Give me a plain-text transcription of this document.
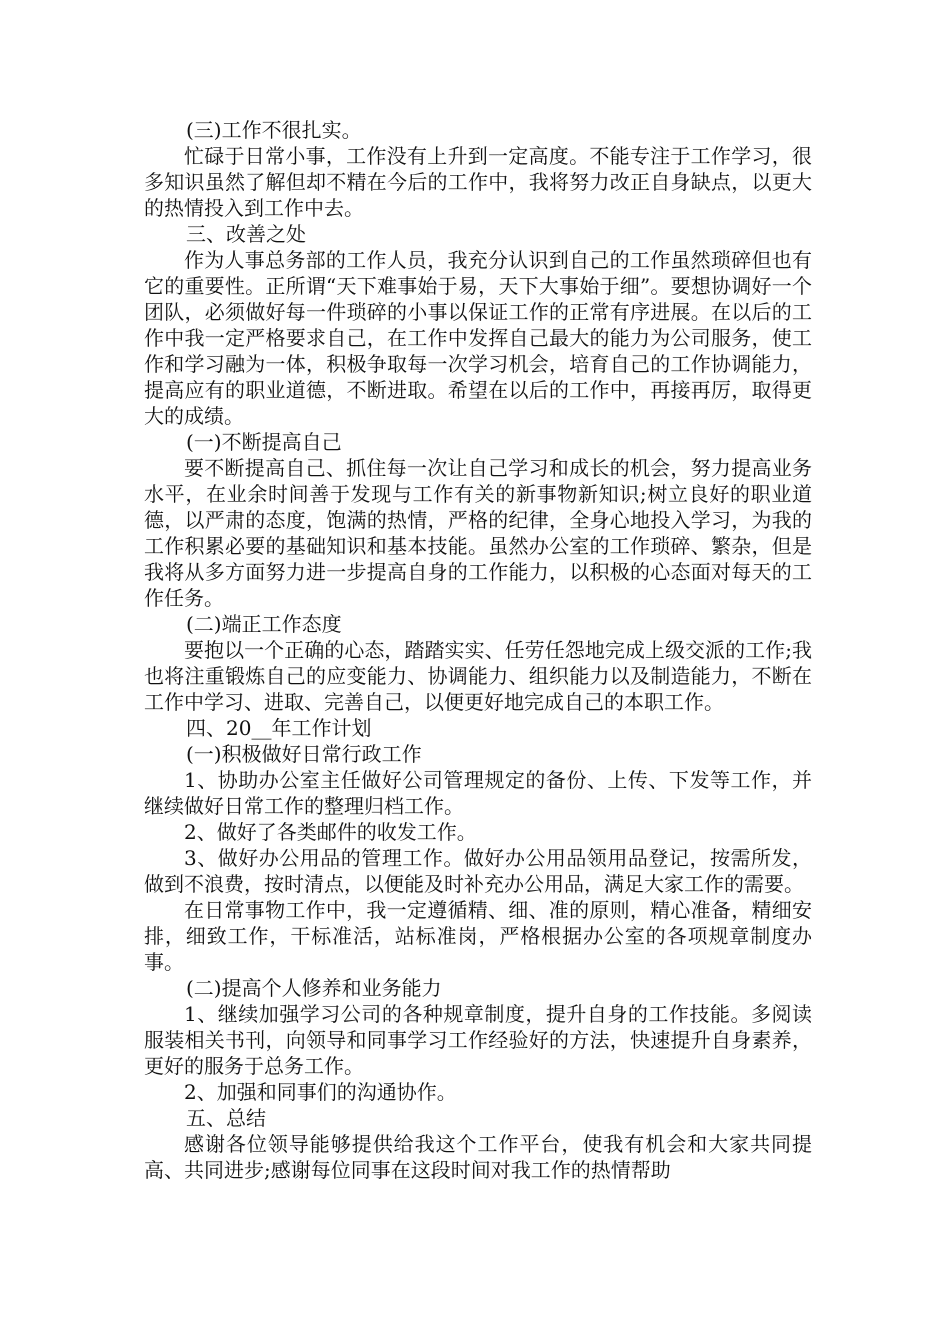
(三)工作不很扎实。

忙碌于日常小事，工作没有上升到一定高度。不能专注于工作学习，很多知识虽然了解但却不精在今后的工作中，我将努力改正自身缺点，以更大的热情投入到工作中去。

三、改善之处

作为人事总务部的工作人员，我充分认识到自己的工作虽然琐碎但也有它的重要性。正所谓“天下难事始于易，天下大事始于细”。要想协调好一个团队，必须做好每一件琐碎的小事以保证工作的正常有序进展。在以后的工作中我一定严格要求自己，在工作中发挥自己最大的能力为公司服务，使工作和学习融为一体，积极争取每一次学习机会，培育自己的工作协调能力，提高应有的职业道德，不断进取。希望在以后的工作中，再接再厉，取得更大的成绩。

(一)不断提高自己

要不断提高自己、抓住每一次让自己学习和成长的机会，努力提高业务水平，在业余时间善于发现与工作有关的新事物新知识;树立良好的职业道德，以严肃的态度，饱满的热情，严格的纪律，全身心地投入学习，为我的工作积累必要的基础知识和基本技能。虽然办公室的工作琐碎、繁杂，但是我将从多方面努力进一步提高自身的工作能力，以积极的心态面对每天的工作任务。

(二)端正工作态度

要抱以一个正确的心态，踏踏实实、任劳任怨地完成上级交派的工作;我也将注重锻炼自己的应变能力、协调能力、组织能力以及制造能力，不断在工作中学习、进取、完善自己，以便更好地完成自己的本职工作。

四、20__年工作计划

(一)积极做好日常行政工作

1、协助办公室主任做好公司管理规定的备份、上传、下发等工作，并继续做好日常工作的整理归档工作。

2、做好了各类邮件的收发工作。

3、做好办公用品的管理工作。做好办公用品领用品登记，按需所发，做到不浪费，按时清点，以便能及时补充办公用品，满足大家工作的需要。

在日常事物工作中，我一定遵循精、细、准的原则，精心准备，精细安排，细致工作，干标准活，站标准岗，严格根据办公室的各项规章制度办事。

(二)提高个人修养和业务能力

1、继续加强学习公司的各种规章制度，提升自身的工作技能。多阅读服装相关书刊，向领导和同事学习工作经验好的方法，快速提升自身素养，更好的服务于总务工作。

2、加强和同事们的沟通协作。

五、总结

感谢各位领导能够提供给我这个工作平台，使我有机会和大家共同提高、共同进步;感谢每位同事在这段时间对我工作的热情帮助
